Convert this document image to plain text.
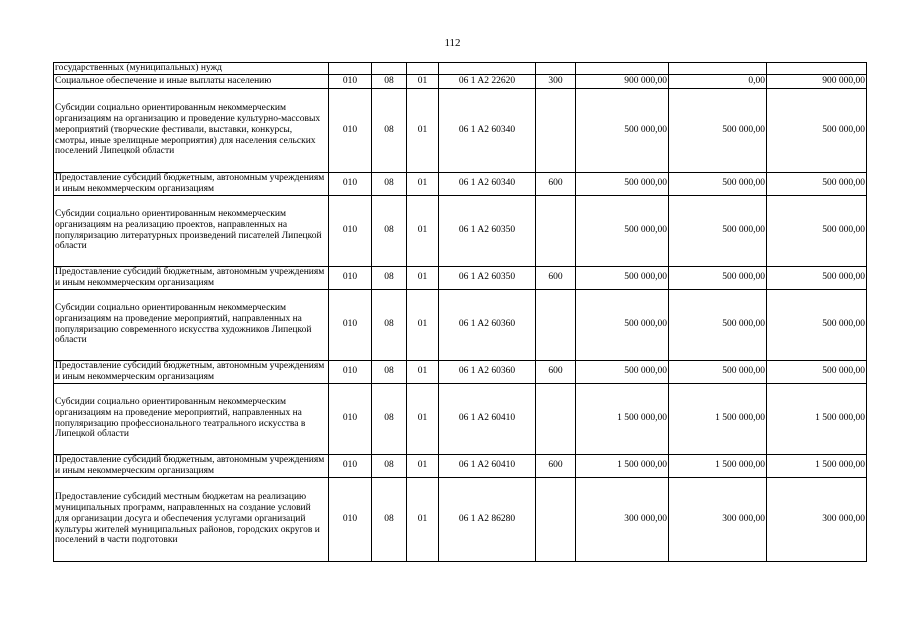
112
государственных (муниципальных) нужд								
Социальное обеспечение и иные выплаты населению	010	08	01	06 1 A2 22620	300	900 000,00	0,00	900 000,00
Субсидии социально ориентированным некоммерческим организациям на организацию и проведение культурно-массовых мероприятий (творческие фестивали, выставки, конкурсы, смотры, иные зрелищные мероприятия) для населения сельских поселений Липецкой области	010	08	01	06 1 A2 60340		500 000,00	500 000,00	500 000,00
Предоставление субсидий бюджетным, автономным учреждениям и иным некоммерческим организациям	010	08	01	06 1 A2 60340	600	500 000,00	500 000,00	500 000,00
Субсидии социально ориентированным некоммерческим организациям на реализацию проектов, направленных на популяризацию литературных произведений писателей Липецкой области	010	08	01	06 1 A2 60350		500 000,00	500 000,00	500 000,00
Предоставление субсидий бюджетным, автономным учреждениям и иным некоммерческим организациям	010	08	01	06 1 A2 60350	600	500 000,00	500 000,00	500 000,00
Субсидии социально ориентированным некоммерческим организациям на проведение мероприятий, направленных на популяризацию современного искусства художников Липецкой области	010	08	01	06 1 A2 60360		500 000,00	500 000,00	500 000,00
Предоставление субсидий бюджетным, автономным учреждениям и иным некоммерческим организациям	010	08	01	06 1 A2 60360	600	500 000,00	500 000,00	500 000,00
Субсидии социально ориентированным некоммерческим организациям на проведение мероприятий, направленных на популяризацию профессионального театрального искусства в Липецкой области	010	08	01	06 1 A2 60410		1 500 000,00	1 500 000,00	1 500 000,00
Предоставление субсидий бюджетным, автономным учреждениям и иным некоммерческим организациям	010	08	01	06 1 A2 60410	600	1 500 000,00	1 500 000,00	1 500 000,00
Предоставление субсидий местным бюджетам на реализацию муниципальных программ, направленных на создание условий для организации досуга и обеспечения услугами организаций культуры жителей муниципальных районов, городских округов и поселений в части подготовки	010	08	01	06 1 A2 86280		300 000,00	300 000,00	300 000,00
